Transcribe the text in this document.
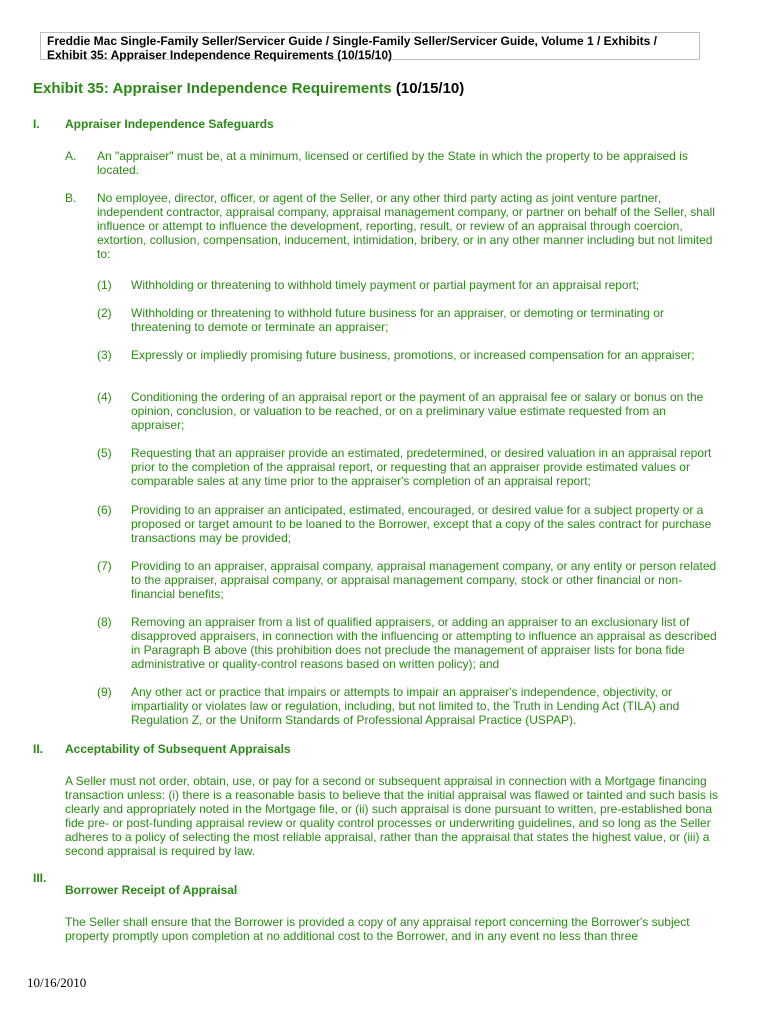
Freddie Mac Single-Family Seller/Servicer Guide / Single-Family Seller/Servicer Guide, Volume 1 / Exhibits / Exhibit 35: Appraiser Independence Requirements (10/15/10)
Exhibit 35: Appraiser Independence Requirements (10/15/10)
I. Appraiser Independence Safeguards
A. An "appraiser" must be, at a minimum, licensed or certified by the State in which the property to be appraised is located.
B. No employee, director, officer, or agent of the Seller, or any other third party acting as joint venture partner, independent contractor, appraisal company, appraisal management company, or partner on behalf of the Seller, shall influence or attempt to influence the development, reporting, result, or review of an appraisal through coercion, extortion, collusion, compensation, inducement, intimidation, bribery, or in any other manner including but not limited to:
(1) Withholding or threatening to withhold timely payment or partial payment for an appraisal report;
(2) Withholding or threatening to withhold future business for an appraiser, or demoting or terminating or threatening to demote or terminate an appraiser;
(3) Expressly or impliedly promising future business, promotions, or increased compensation for an appraiser;
(4) Conditioning the ordering of an appraisal report or the payment of an appraisal fee or salary or bonus on the opinion, conclusion, or valuation to be reached, or on a preliminary value estimate requested from an appraiser;
(5) Requesting that an appraiser provide an estimated, predetermined, or desired valuation in an appraisal report prior to the completion of the appraisal report, or requesting that an appraiser provide estimated values or comparable sales at any time prior to the appraiser's completion of an appraisal report;
(6) Providing to an appraiser an anticipated, estimated, encouraged, or desired value for a subject property or a proposed or target amount to be loaned to the Borrower, except that a copy of the sales contract for purchase transactions may be provided;
(7) Providing to an appraiser, appraisal company, appraisal management company, or any entity or person related to the appraiser, appraisal company, or appraisal management company, stock or other financial or non-financial benefits;
(8) Removing an appraiser from a list of qualified appraisers, or adding an appraiser to an exclusionary list of disapproved appraisers, in connection with the influencing or attempting to influence an appraisal as described in Paragraph B above (this prohibition does not preclude the management of appraiser lists for bona fide administrative or quality-control reasons based on written policy); and
(9) Any other act or practice that impairs or attempts to impair an appraiser's independence, objectivity, or impartiality or violates law or regulation, including, but not limited to, the Truth in Lending Act (TILA) and Regulation Z, or the Uniform Standards of Professional Appraisal Practice (USPAP).
II. Acceptability of Subsequent Appraisals
A Seller must not order, obtain, use, or pay for a second or subsequent appraisal in connection with a Mortgage financing transaction unless: (i) there is a reasonable basis to believe that the initial appraisal was flawed or tainted and such basis is clearly and appropriately noted in the Mortgage file, or (ii) such appraisal is done pursuant to written, pre-established bona fide pre- or post-funding appraisal review or quality control processes or underwriting guidelines, and so long as the Seller adheres to a policy of selecting the most reliable appraisal, rather than the appraisal that states the highest value, or (iii) a second appraisal is required by law.
III.
Borrower Receipt of Appraisal
The Seller shall ensure that the Borrower is provided a copy of any appraisal report concerning the Borrower's subject property promptly upon completion at no additional cost to the Borrower, and in any event no less than three
10/16/2010
